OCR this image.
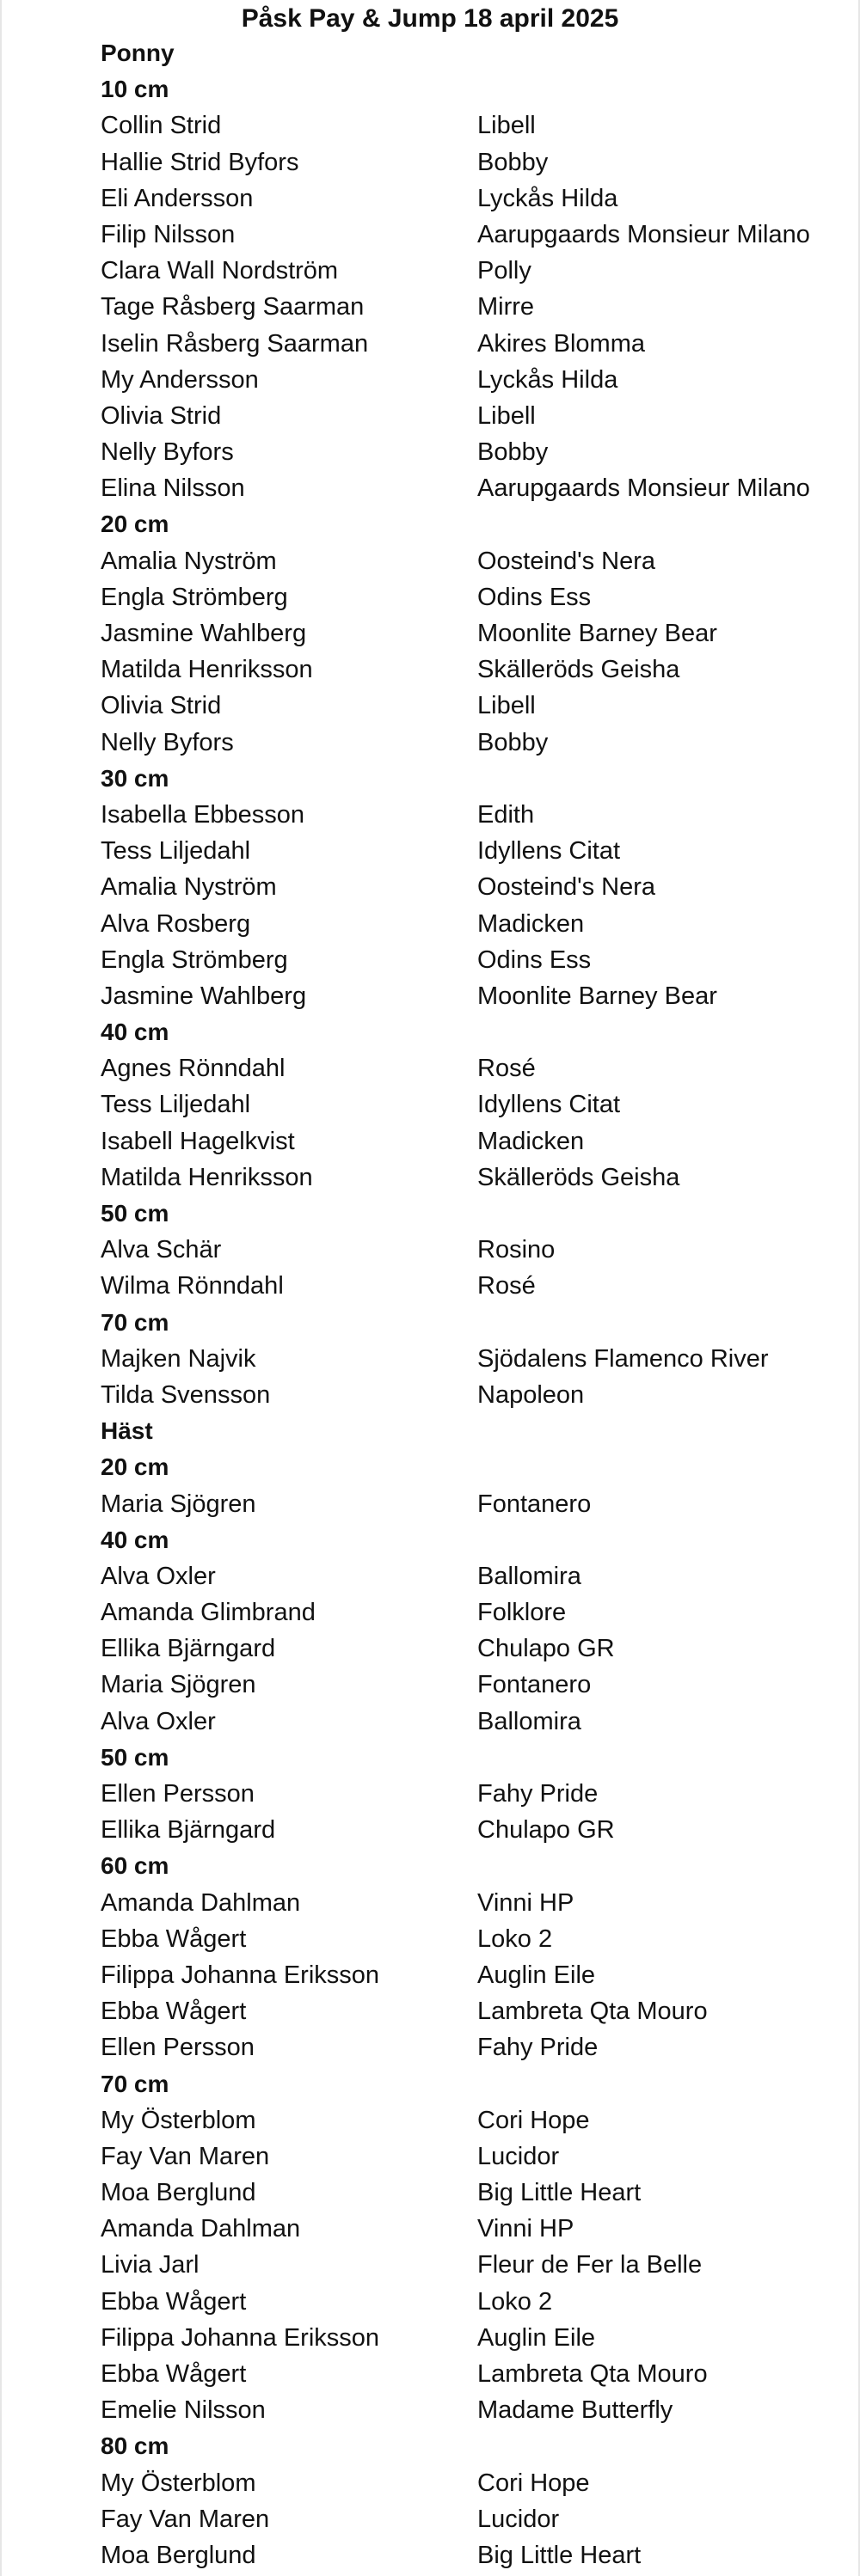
Påsk Pay & Jump 18 april 2025
Ponny
10 cm
Collin Strid	Libell
Hallie Strid Byfors	Bobby
Eli Andersson	Lyckås Hilda
Filip Nilsson	Aarupgaards Monsieur Milano
Clara Wall Nordström	Polly
Tage Råsberg Saarman	Mirre
Iselin Råsberg Saarman	Akires Blomma
My Andersson	Lyckås Hilda
Olivia Strid	Libell
Nelly Byfors	Bobby
Elina Nilsson	Aarupgaards Monsieur Milano
20 cm
Amalia Nyström	Oosteind's Nera
Engla Strömberg	Odins Ess
Jasmine Wahlberg	Moonlite Barney Bear
Matilda Henriksson	Skälleröds Geisha
Olivia Strid	Libell
Nelly Byfors	Bobby
30 cm
Isabella Ebbesson	Edith
Tess Liljedahl	Idyllens Citat
Amalia Nyström	Oosteind's Nera
Alva Rosberg	Madicken
Engla Strömberg	Odins Ess
Jasmine Wahlberg	Moonlite Barney Bear
40 cm
Agnes Rönndahl	Rosé
Tess Liljedahl	Idyllens Citat
Isabell Hagelkvist	Madicken
Matilda Henriksson	Skälleröds Geisha
50 cm
Alva Schär	Rosino
Wilma Rönndahl	Rosé
70 cm
Majken Najvik	Sjödalens Flamenco River
Tilda Svensson	Napoleon
Häst
20 cm
Maria Sjögren	Fontanero
40 cm
Alva Oxler	Ballomira
Amanda Glimbrand	Folklore
Ellika Bjärngard	Chulapo GR
Maria Sjögren	Fontanero
Alva Oxler	Ballomira
50 cm
Ellen Persson	Fahy Pride
Ellika Bjärngard	Chulapo GR
60 cm
Amanda Dahlman	Vinni HP
Ebba Wågert	Loko 2
Filippa Johanna Eriksson	Auglin Eile
Ebba Wågert	Lambreta Qta Mouro
Ellen Persson	Fahy Pride
70 cm
My Österblom	Cori Hope
Fay Van Maren	Lucidor
Moa Berglund	Big Little Heart
Amanda Dahlman	Vinni HP
Livia Jarl	Fleur de Fer la Belle
Ebba Wågert	Loko 2
Filippa Johanna Eriksson	Auglin Eile
Ebba Wågert	Lambreta Qta Mouro
Emelie Nilsson	Madame Butterfly
80 cm
My Österblom	Cori Hope
Fay Van Maren	Lucidor
Moa Berglund	Big Little Heart
